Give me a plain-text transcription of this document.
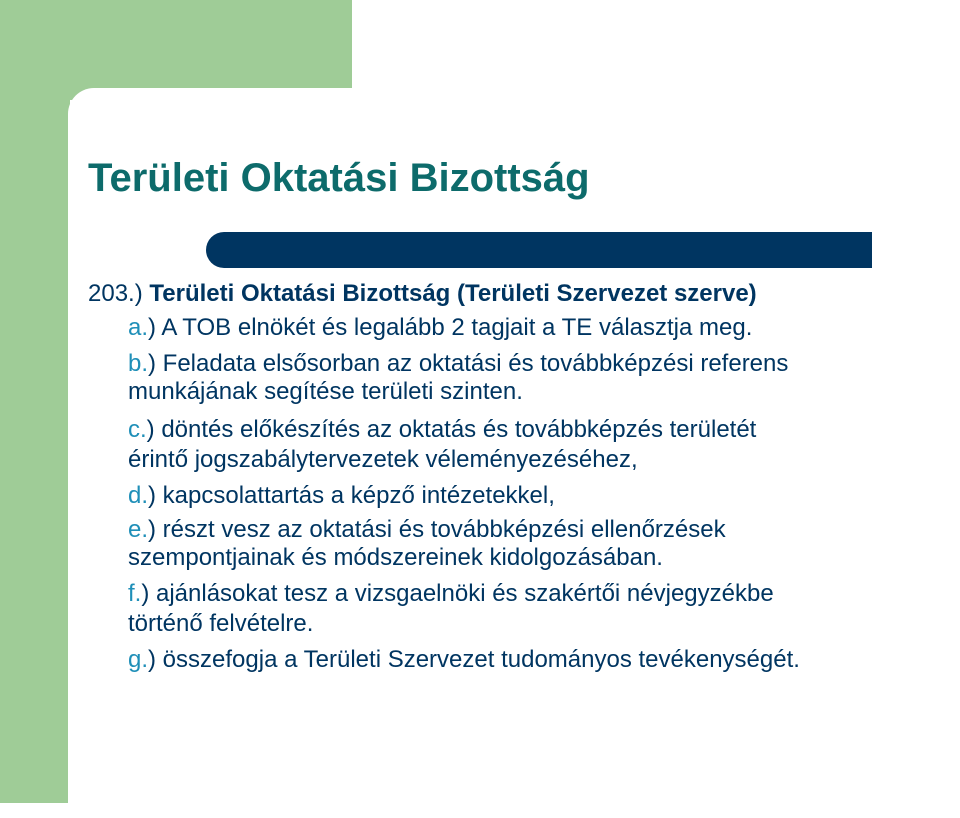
Területi Oktatási Bizottság
203.) Területi Oktatási Bizottság (Területi Szervezet szerve)
a.) A TOB elnökét és legalább 2 tagjait a TE választja meg.
b.) Feladata elsősorban az oktatási és továbbképzési referens
munkájának segítése területi szinten.
c.) döntés előkészítés az oktatás és továbbképzés területét
érintő jogszabálytervezetek véleményezéséhez,
d.) kapcsolattartás a képző intézetekkel,
e.) részt vesz az oktatási és továbbképzési ellenőrzések
szempontjainak és módszereinek kidolgozásában.
f.) ajánlásokat tesz a vizsgaelnöki és szakértői névjegyzékbe
történő felvételre.
g.) összefogja a Területi Szervezet tudományos tevékenységét.
